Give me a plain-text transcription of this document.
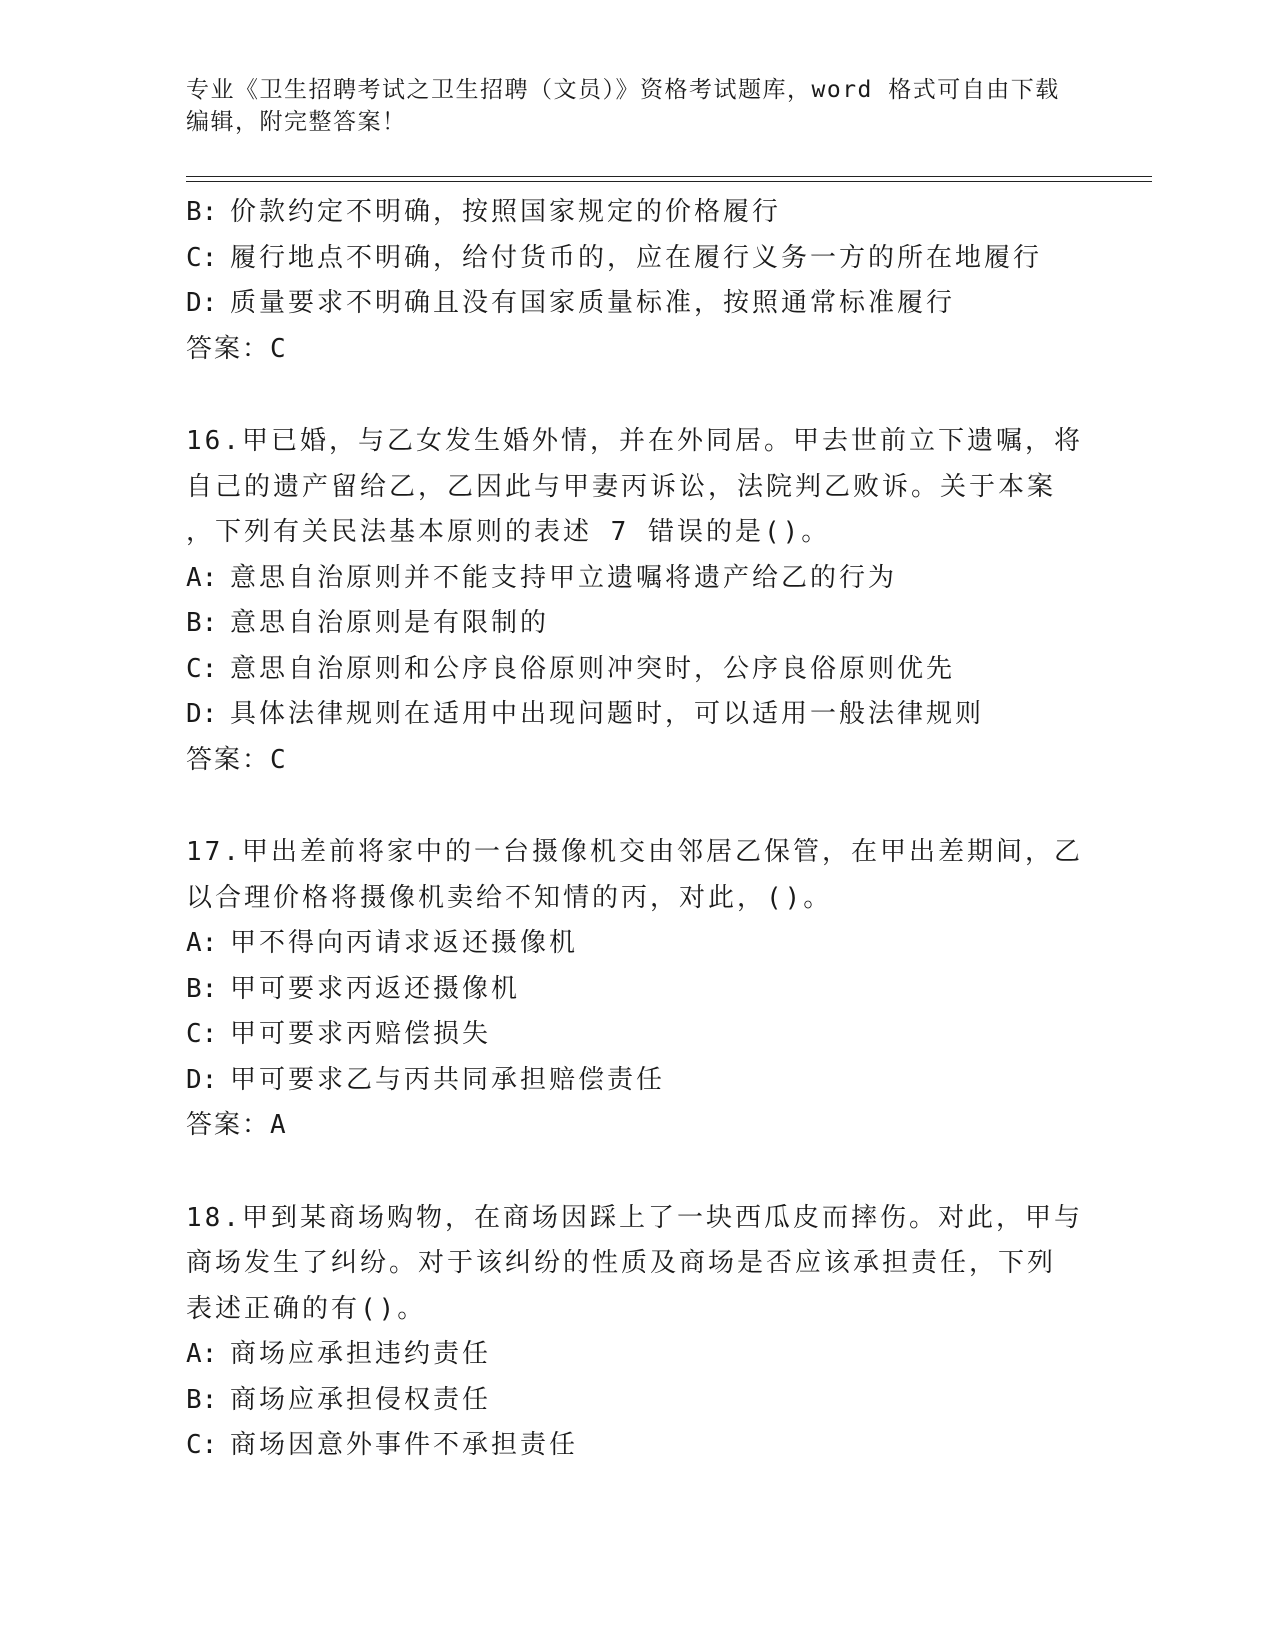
专业《卫生招聘考试之卫生招聘（文员）》资格考试题库，word 格式可自由下载
编辑，附完整答案！
B: 价款约定不明确，按照国家规定的价格履行
C: 履行地点不明确，给付货币的，应在履行义务一方的所在地履行
D: 质量要求不明确且没有国家质量标准，按照通常标准履行
答案：C
16.甲已婚，与乙女发生婚外情，并在外同居。甲去世前立下遗嘱，将
自己的遗产留给乙，乙因此与甲妻丙诉讼，法院判乙败诉。关于本案
，下列有关民法基本原则的表述 7 错误的是()。
A: 意思自治原则并不能支持甲立遗嘱将遗产给乙的行为
B: 意思自治原则是有限制的
C: 意思自治原则和公序良俗原则冲突时，公序良俗原则优先
D: 具体法律规则在适用中出现问题时，可以适用一般法律规则
答案：C
17.甲出差前将家中的一台摄像机交由邻居乙保管，在甲出差期间，乙
以合理价格将摄像机卖给不知情的丙，对此，()。
A: 甲不得向丙请求返还摄像机
B: 甲可要求丙返还摄像机
C: 甲可要求丙赔偿损失
D: 甲可要求乙与丙共同承担赔偿责任
答案：A
18.甲到某商场购物，在商场因踩上了一块西瓜皮而摔伤。对此，甲与
商场发生了纠纷。对于该纠纷的性质及商场是否应该承担责任，下列
表述正确的有()。
A: 商场应承担违约责任
B: 商场应承担侵权责任
C: 商场因意外事件不承担责任
